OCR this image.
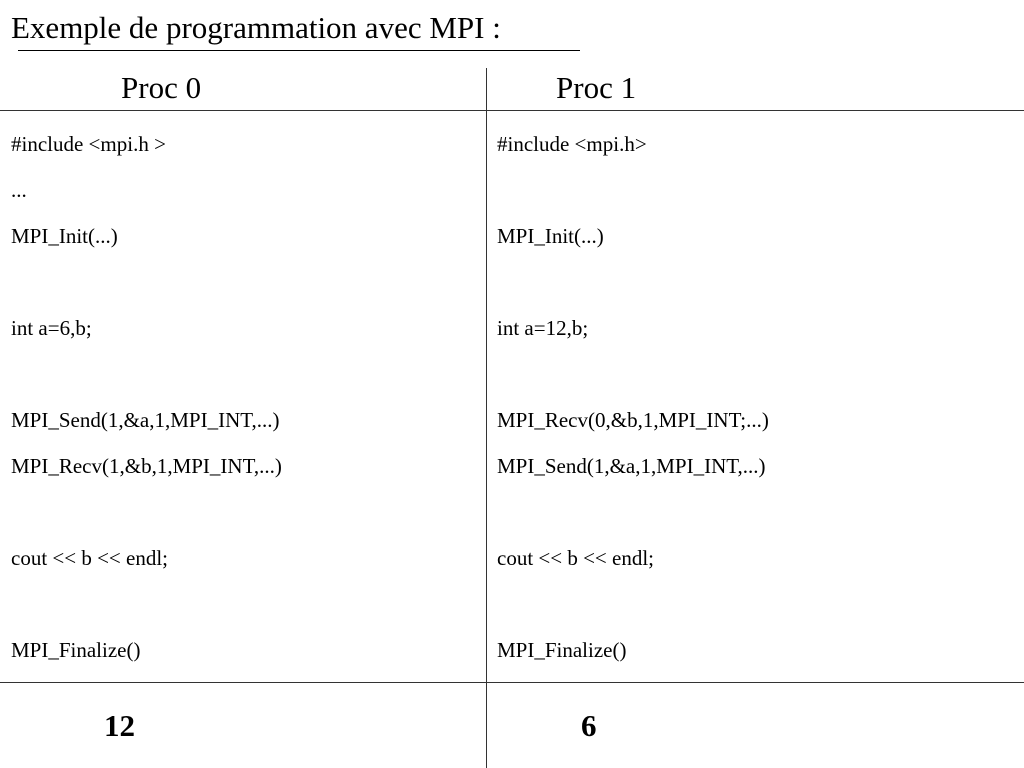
Exemple de programmation avec MPI :
Proc 0	Proc 1
#include <mpi.h >
...
MPI_Init(...)
int a=6,b;
MPI_Send(1,&a,1,MPI_INT,...)
MPI_Recv(1,&b,1,MPI_INT,...)
cout << b << endl;
MPI_Finalize()
#include <mpi.h>
MPI_Init(...)
int a=12,b;
MPI_Recv(0,&b,1,MPI_INT;...)
MPI_Send(1,&a,1,MPI_INT,...)
cout << b << endl;
MPI_Finalize()
12	6
